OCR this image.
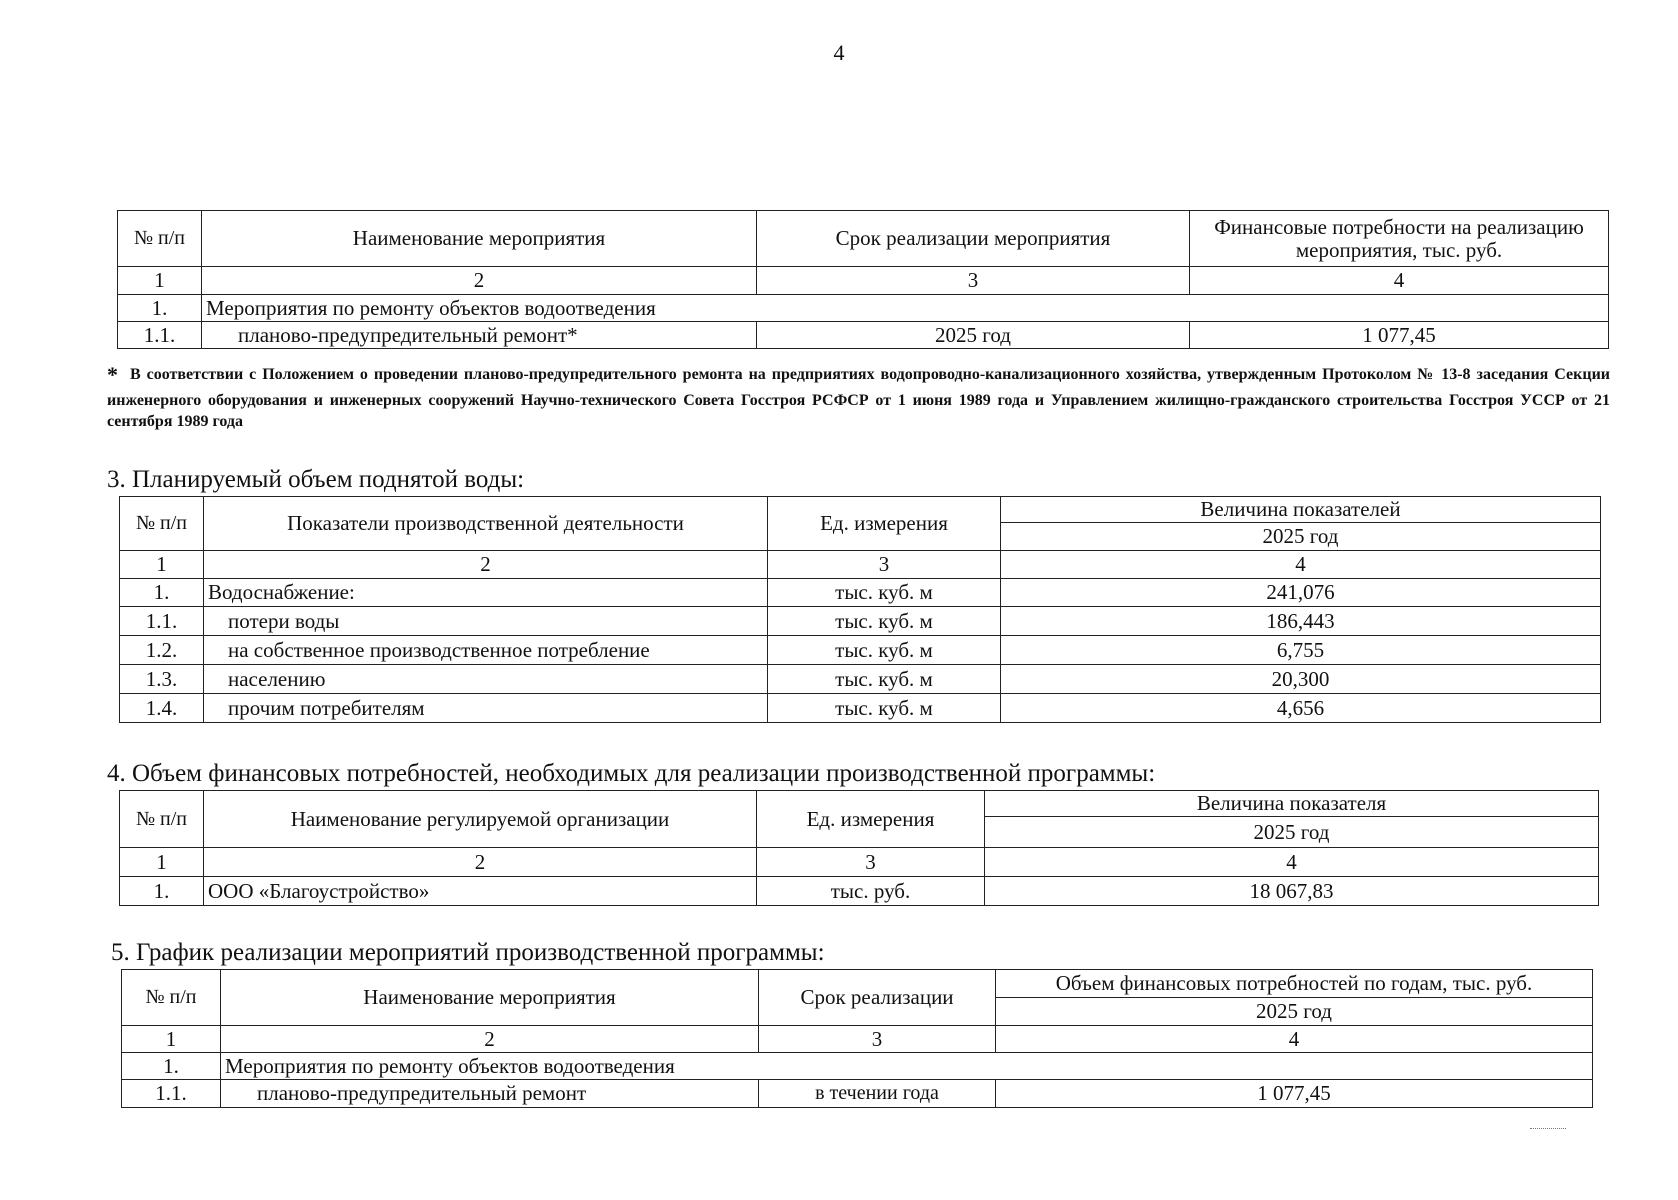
4
№ п/п	Наименование мероприятия	Срок реализации мероприятия	Финансовые потребности на реализацию мероприятия, тыс. руб.
1	2	3	4
1.	Мероприятия по ремонту объектов водоотведения		
1.1.	планово-предупредительный ремонт*	2025 год	1 077,45
* В соответствии с Положением о проведении планово-предупредительного ремонта на предприятиях водопроводно-канализационного хозяйства, утвержденным Протоколом № 13-8 заседания Секции инженерного оборудования и инженерных сооружений Научно-технического Совета Госстроя РСФСР от 1 июня 1989 года и Управлением жилищно-гражданского строительства Госстроя УССР от 21 сентября 1989 года
3. Планируемый объем поднятой воды:
№ п/п	Показатели производственной деятельности	Ед. измерения	Величина показателей
			2025 год
1	2	3	4
1.	Водоснабжение:	тыс. куб. м	241,076
1.1.	потери воды	тыс. куб. м	186,443
1.2.	на собственное производственное потребление	тыс. куб. м	6,755
1.3.	населению	тыс. куб. м	20,300
1.4.	прочим потребителям	тыс. куб. м	4,656
4. Объем финансовых потребностей, необходимых для реализации производственной программы:
№ п/п	Наименование регулируемой организации	Ед. измерения	Величина показателя
			2025 год
1	2	3	4
1.	ООО «Благоустройство»	тыс. руб.	18 067,83
5. График реализации мероприятий производственной программы:
№ п/п	Наименование мероприятия	Срок реализации	Объем финансовых потребностей по годам, тыс. руб.
			2025 год
1	2	3	4
1.	Мероприятия по ремонту объектов водоотведения		
1.1.	планово-предупредительный ремонт	в течении года	1 077,45
